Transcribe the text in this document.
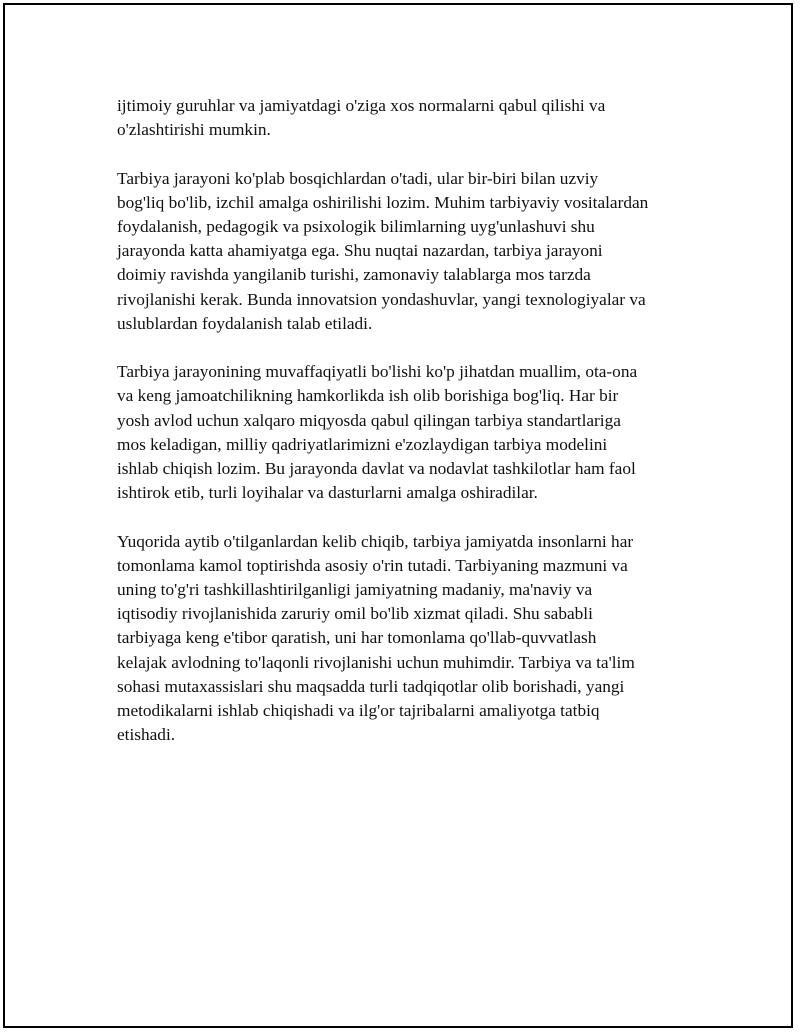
ijtimoiy guruhlar va jamiyatdagi o'ziga xos normalarni qabul qilishi va
o'zlashtirishi mumkin.

Tarbiya jarayoni ko'plab bosqichlardan o'tadi, ular bir-biri bilan uzviy
bog'liq bo'lib, izchil amalga oshirilishi lozim. Muhim tarbiyaviy vositalardan
foydalanish, pedagogik va psixologik bilimlarning uyg'unlashuvi shu
jarayonda katta ahamiyatga ega. Shu nuqtai nazardan, tarbiya jarayoni
doimiy ravishda yangilanib turishi, zamonaviy talablarga mos tarzda
rivojlanishi kerak. Bunda innovatsion yondashuvlar, yangi texnologiyalar va
uslublardan foydalanish talab etiladi.

Tarbiya jarayonining muvaffaqiyatli bo'lishi ko'p jihatdan muallim, ota-ona
va keng jamoatchilikning hamkorlikda ish olib borishiga bog'liq. Har bir
yosh avlod uchun xalqaro miqyosda qabul qilingan tarbiya standartlariga
mos keladigan, milliy qadriyatlarimizni e'zozlaydigan tarbiya modelini
ishlab chiqish lozim. Bu jarayonda davlat va nodavlat tashkilotlar ham faol
ishtirok etib, turli loyihalar va dasturlarni amalga oshiradilar.

Yuqorida aytib o'tilganlardan kelib chiqib, tarbiya jamiyatda insonlarni har
tomonlama kamol toptirishda asosiy o'rin tutadi. Tarbiyaning mazmuni va
uning to'g'ri tashkillashtirilganligi jamiyatning madaniy, ma'naviy va
iqtisodiy rivojlanishida zaruriy omil bo'lib xizmat qiladi. Shu sababli
tarbiyaga keng e'tibor qaratish, uni har tomonlama qo'llab-quvvatlash
kelajak avlodning to'laqonli rivojlanishi uchun muhimdir. Tarbiya va ta'lim
sohasi mutaxassislari shu maqsadda turli tadqiqotlar olib borishadi, yangi
metodikalarni ishlab chiqishadi va ilg'or tajribalarni amaliyotga tatbiq
etishadi.
